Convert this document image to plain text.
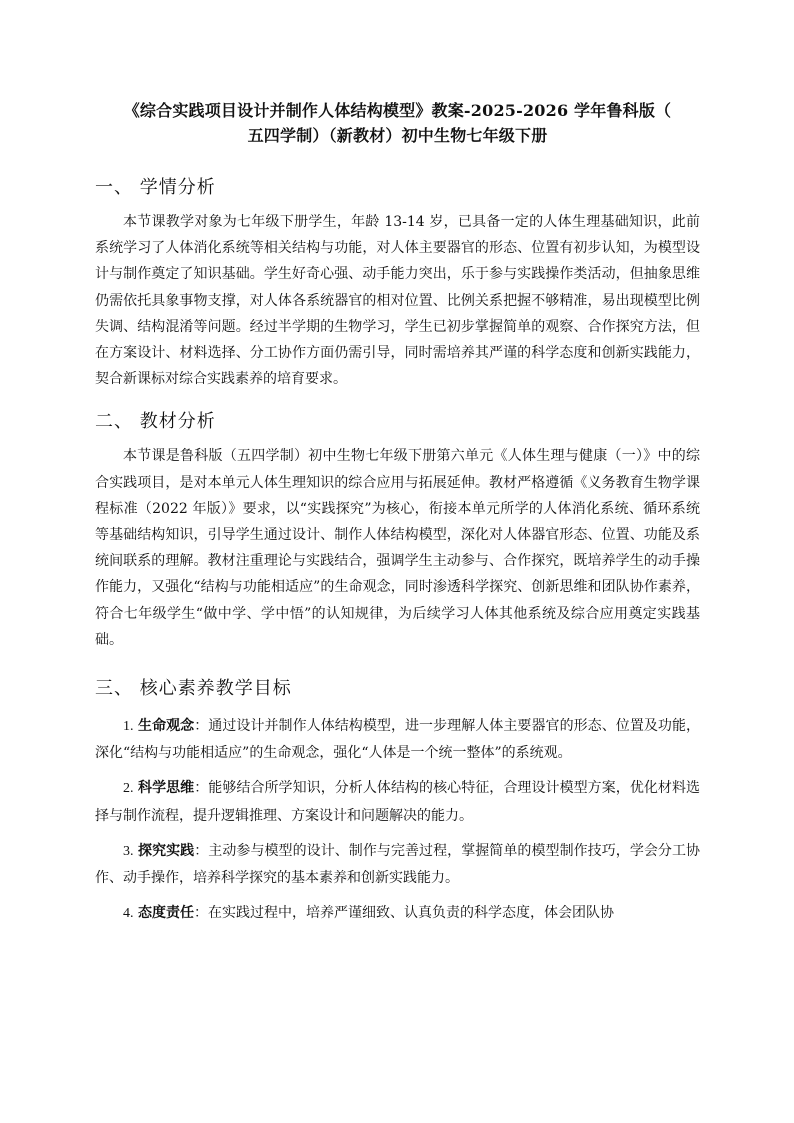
《综合实践项目设计并制作人体结构模型》教案-2025-2026 学年鲁科版（
五四学制）（新教材）初中生物七年级下册
一、 学情分析

本节课教学对象为七年级下册学生，年龄 13-14 岁，已具备一定的人体生理基础知识，此前系统学习了人体消化系统等相关结构与功能，对人体主要器官的形态、位置有初步认知，为模型设计与制作奠定了知识基础。学生好奇心强、动手能力突出，乐于参与实践操作类活动，但抽象思维仍需依托具象事物支撑，对人体各系统器官的相对位置、比例关系把握不够精准，易出现模型比例失调、结构混淆等问题。经过半学期的生物学习，学生已初步掌握简单的观察、合作探究方法，但在方案设计、材料选择、分工协作方面仍需引导，同时需培养其严谨的科学态度和创新实践能力，契合新课标对综合实践素养的培育要求。

二、 教材分析

本节课是鲁科版（五四学制）初中生物七年级下册第六单元《人体生理与健康（一）》中的综合实践项目，是对本单元人体生理知识的综合应用与拓展延伸。教材严格遵循《义务教育生物学课程标准（2022 年版）》要求，以“实践探究”为核心，衔接本单元所学的人体消化系统、循环系统等基础结构知识，引导学生通过设计、制作人体结构模型，深化对人体器官形态、位置、功能及系统间联系的理解。教材注重理论与实践结合，强调学生主动参与、合作探究，既培养学生的动手操作能力，又强化“结构与功能相适应”的生命观念，同时渗透科学探究、创新思维和团队协作素养，符合七年级学生“做中学、学中悟”的认知规律，为后续学习人体其他系统及综合应用奠定实践基础。

三、 核心素养教学目标

1. 生命观念：通过设计并制作人体结构模型，进一步理解人体主要器官的形态、位置及功能，深化“结构与功能相适应”的生命观念，强化“人体是一个统一整体”的系统观。

2. 科学思维：能够结合所学知识，分析人体结构的核心特征，合理设计模型方案，优化材料选择与制作流程，提升逻辑推理、方案设计和问题解决的能力。

3. 探究实践：主动参与模型的设计、制作与完善过程，掌握简单的模型制作技巧，学会分工协作、动手操作，培养科学探究的基本素养和创新实践能力。

4. 态度责任：在实践过程中，培养严谨细致、认真负责的科学态度，体会团队协
